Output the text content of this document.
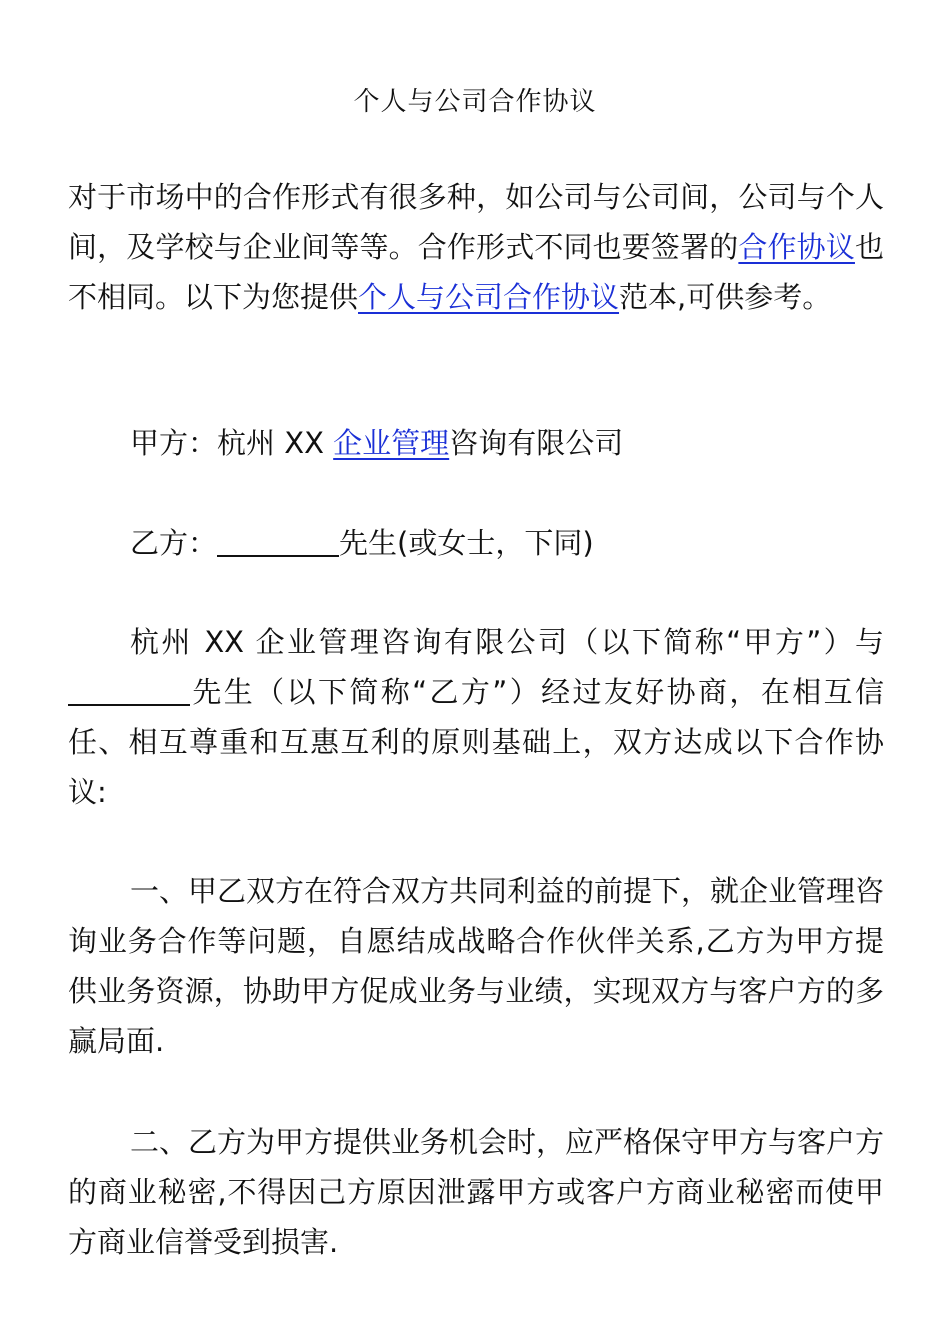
个人与公司合作协议

对于市场中的合作形式有很多种，如公司与公司间，公司与个人间，及学校与企业间等等。合作形式不同也要签署的合作协议也不相同。以下为您提供个人与公司合作协议范本,可供参考。

甲方：杭州 XX 企业管理咨询有限公司

乙方：	先生(或女士，下同)

杭州 XX 企业管理咨询有限公司（以下简称“甲方”）与先生（以下简称“乙方”）经过友好协商，在相互信任、相互尊重和互惠互利的原则基础上，双方达成以下合作协议:

一、甲乙双方在符合双方共同利益的前提下，就企业管理咨询业务合作等问题，自愿结成战略合作伙伴关系,乙方为甲方提供业务资源，协助甲方促成业务与业绩，实现双方与客户方的多赢局面.

二、乙方为甲方提供业务机会时，应严格保守甲方与客户方的商业秘密,不得因己方原因泄露甲方或客户方商业秘密而使甲方商业信誉受到损害.
